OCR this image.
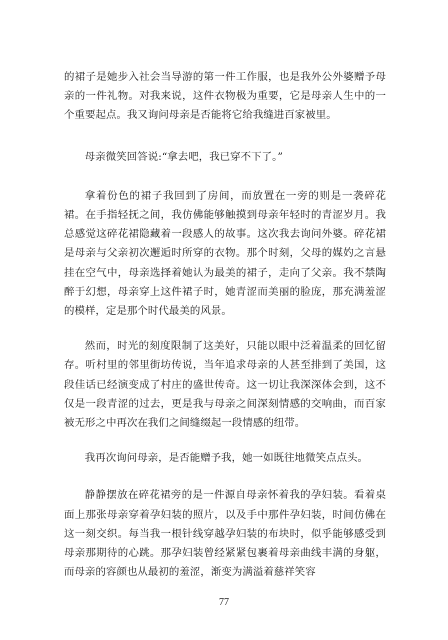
的裙子是她步入社会当导游的第一件工作服，也是我外公外婆赠予母亲的一件礼物。对我来说，这件衣物极为重要，它是母亲人生中的一个重要起点。我又询问母亲是否能将它给我缝进百家被里。

母亲微笑回答说:“拿去吧，我已穿不下了。”

拿着份色的裙子我回到了房间，而放置在一旁的则是一袭碎花裙。在手指轻抚之间，我仿佛能够触摸到母亲年轻时的青涩岁月。我总感觉这碎花裙隐藏着一段感人的故事。这次我去询问外婆。碎花裙是母亲与父亲初次邂逅时所穿的衣物。那个时刻，父母的媒妁之言悬挂在空气中，母亲选择着她认为最美的裙子，走向了父亲。我不禁陶醉于幻想，母亲穿上这件裙子时，她青涩而美丽的脸庞，那充满羞涩的模样，定是那个时代最美的风景。

然而，时光的刻度限制了这美好，只能以眼中泛着温柔的回忆留存。听村里的邻里街坊传说，当年追求母亲的人甚至排到了美国，这段佳话已经演变成了村庄的盛世传奇。这一切让我深深体会到，这不仅是一段青涩的过去，更是我与母亲之间深刻情感的交响曲，而百家被无形之中再次在我们之间缝缀起一段情感的纽带。

我再次询问母亲，是否能赠予我，她一如既往地微笑点点头。

静静摆放在碎花裙旁的是一件源自母亲怀着我的孕妇装。看着桌面上那张母亲穿着孕妇装的照片，以及手中那件孕妇装，时间仿佛在这一刻交织。每当我一根针线穿越孕妇装的布块时，似乎能够感受到母亲那期待的心跳。那孕妇装曾经紧紧包裹着母亲曲线丰满的身躯，而母亲的容颜也从最初的羞涩，渐变为满溢着慈祥笑容

77
